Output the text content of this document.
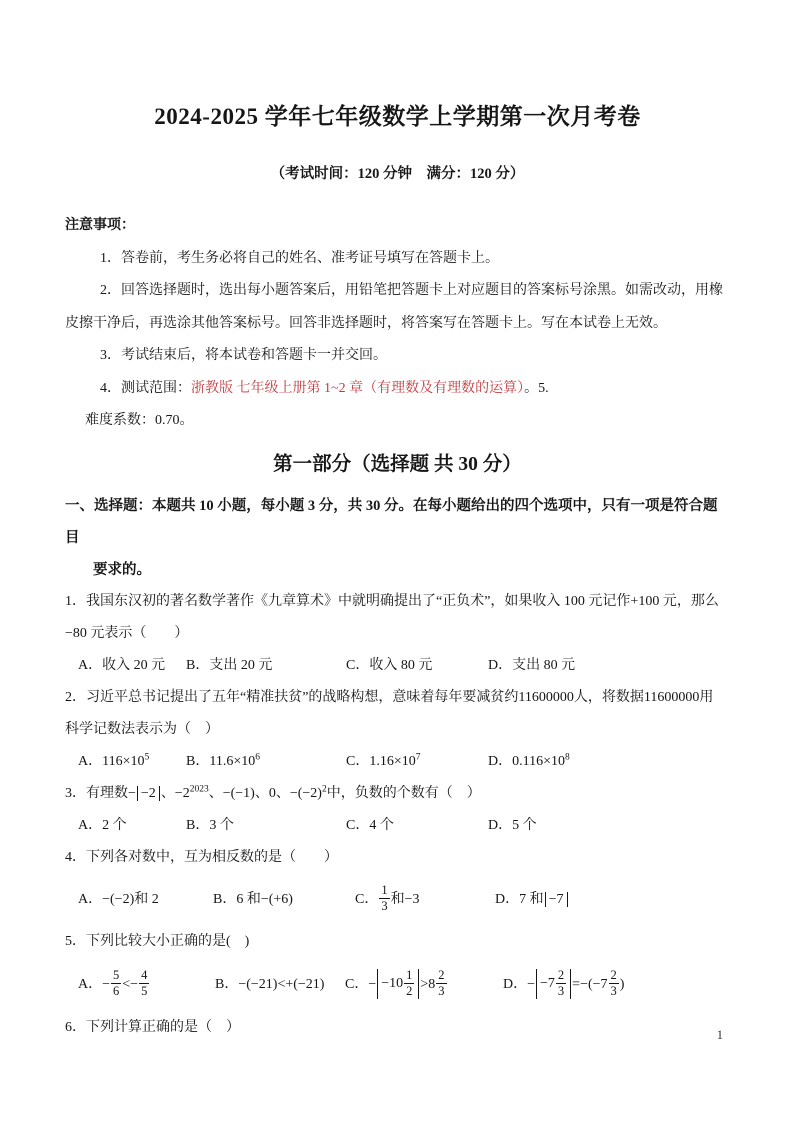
2024-2025 学年七年级数学上学期第一次月考卷
（考试时间：120 分钟　满分：120 分）
注意事项：
1．答卷前，考生务必将自己的姓名、准考证号填写在答题卡上。
2．回答选择题时，选出每小题答案后，用铅笔把答题卡上对应题目的答案标号涂黑。如需改动，用橡
皮擦干净后，再选涂其他答案标号。回答非选择题时，将答案写在答题卡上。写在本试卷上无效。
3．考试结束后，将本试卷和答题卡一并交回。
4．测试范围：浙教版 七年级上册第 1~2 章（有理数及有理数的运算）。5.
难度系数：0.70。
第一部分（选择题 共 30 分）
一、选择题：本题共 10 小题，每小题 3 分，共 30 分。在每小题给出的四个选项中，只有一项是符合题目
要求的。
1．我国东汉初的著名数学著作《九章算术》中就明确提出了“正负术”，如果收入 100 元记作+100 元，那么
−80 元表示（　　）
A．收入 20 元	B．支出 20 元	C．收入 80 元	D．支出 80 元
2．习近平总书记提出了五年“精准扶贫”的战略构想，意味着每年要减贫约11600000人，将数据11600000用
科学记数法表示为（　）
A．$116\times 10^5$	B．$11.6\times 10^6$	C．$1.16\times 10^7$	D．$0.116\times 10^8$
3．有理数− −2 、$-2^{2023}$、−(−1)、0、$-(-2)^2$中，负数的个数有（　）
A．2 个	B．3 个	C．4 个	D．5 个
4．下列各对数中，互为相反数的是（　　）
A．−(−2)和 2	B．6 和−(+6)	C． $\frac{1}{3}$ 和−3	D．7 和 −7
5．下列比较大小正确的是(　)
A．− $\frac{5}{6} <- \frac{4}{5}$	B．−(−21)<+(−21)	C．− $-10 \frac{1}{2} >8 \frac{2}{3}$	D．− $-7 \frac{2}{3} =-(-7 \frac{2}{3}$ )
6．下列计算正确的是（　）
1
